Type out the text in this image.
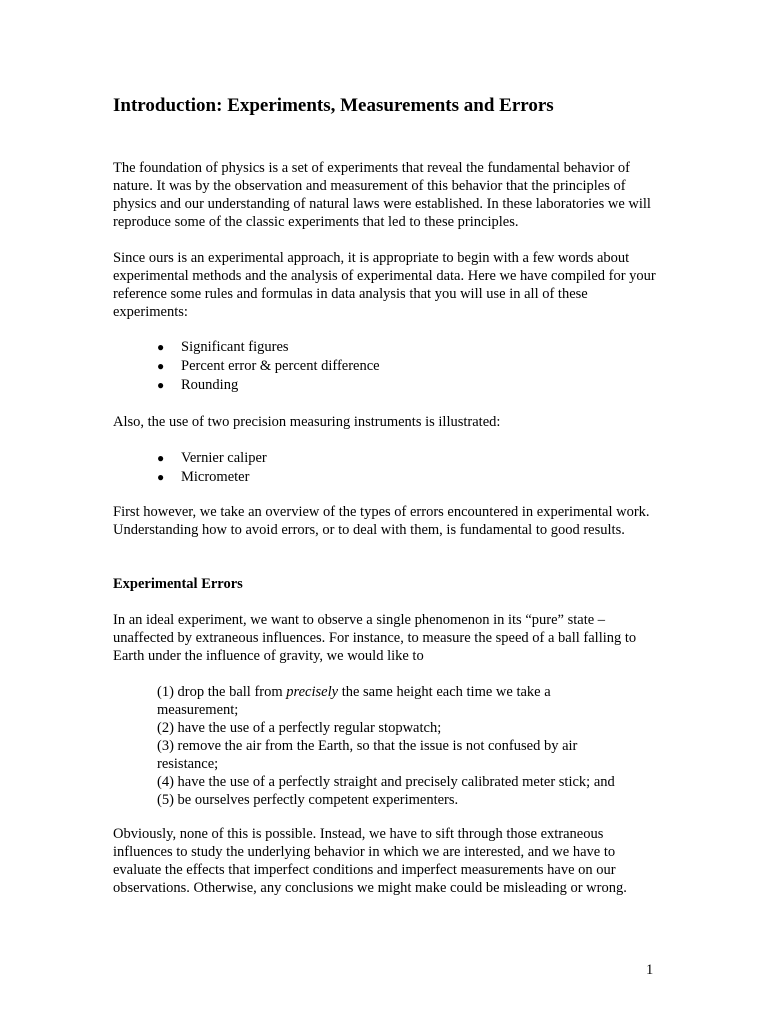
Introduction: Experiments, Measurements and Errors

The foundation of physics is a set of experiments that reveal the fundamental behavior of nature. It was by the observation and measurement of this behavior that the principles of physics and our understanding of natural laws were established. In these laboratories we will reproduce some of the classic experiments that led to these principles.

Since ours is an experimental approach, it is appropriate to begin with a few words about experimental methods and the analysis of experimental data. Here we have compiled for your reference some rules and formulas in data analysis that you will use in all of these experiments:

● Significant figures
● Percent error & percent difference
● Rounding

Also, the use of two precision measuring instruments is illustrated:

● Vernier caliper
● Micrometer

First however, we take an overview of the types of errors encountered in experimental work. Understanding how to avoid errors, or to deal with them, is fundamental to good results.

Experimental Errors

In an ideal experiment, we want to observe a single phenomenon in its “pure” state – unaffected by extraneous influences. For instance, to measure the speed of a ball falling to Earth under the influence of gravity, we would like to

(1) drop the ball from precisely the same height each time we take a measurement;
(2) have the use of a perfectly regular stopwatch;
(3) remove the air from the Earth, so that the issue is not confused by air resistance;
(4) have the use of a perfectly straight and precisely calibrated meter stick; and
(5) be ourselves perfectly competent experimenters.

Obviously, none of this is possible. Instead, we have to sift through those extraneous influences to study the underlying behavior in which we are interested, and we have to evaluate the effects that imperfect conditions and imperfect measurements have on our observations. Otherwise, any conclusions we might make could be misleading or wrong.

1
